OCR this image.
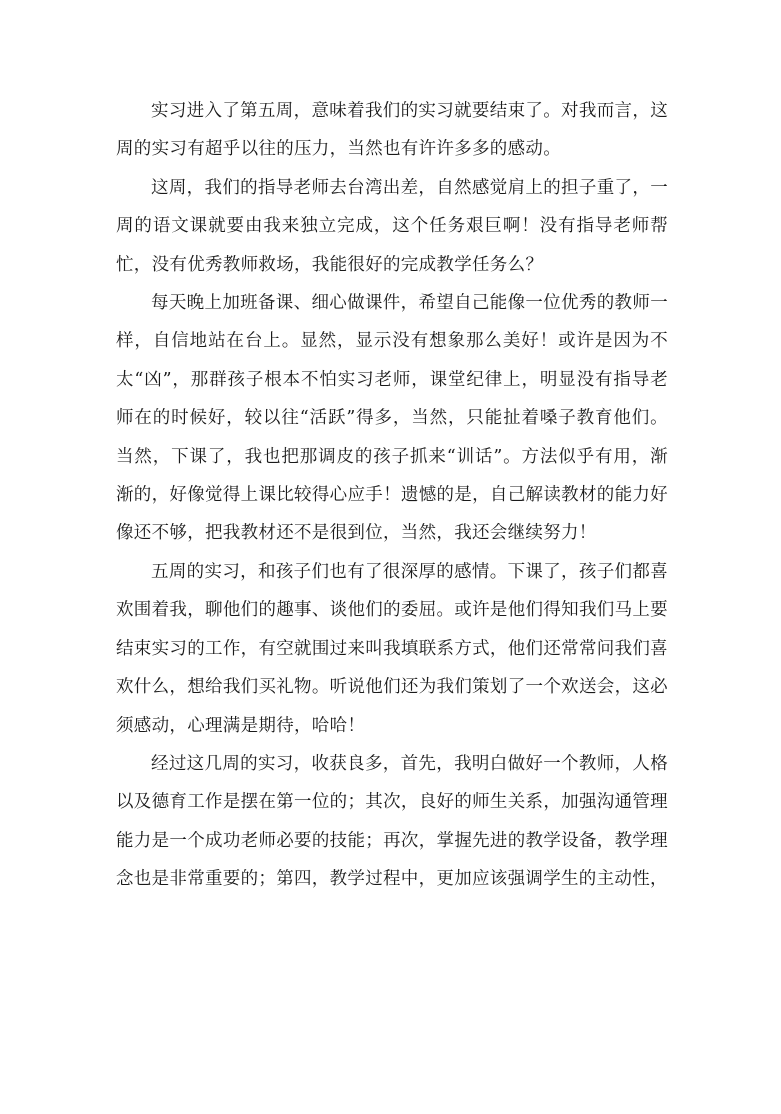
实习进入了第五周，意味着我们的实习就要结束了。对我而言，这周的实习有超乎以往的压力，当然也有许许多多的感动。

这周，我们的指导老师去台湾出差，自然感觉肩上的担子重了，一周的语文课就要由我来独立完成，这个任务艰巨啊！没有指导老师帮忙，没有优秀教师救场，我能很好的完成教学任务么？

每天晚上加班备课、细心做课件，希望自己能像一位优秀的教师一样，自信地站在台上。显然，显示没有想象那么美好！或许是因为不太“凶”，那群孩子根本不怕实习老师，课堂纪律上，明显没有指导老师在的时候好，较以往“活跃”得多，当然，只能扯着嗓子教育他们。当然，下课了，我也把那调皮的孩子抓来“训话”。方法似乎有用，渐渐的，好像觉得上课比较得心应手！遗憾的是，自己解读教材的能力好像还不够，把我教材还不是很到位，当然，我还会继续努力！

五周的实习，和孩子们也有了很深厚的感情。下课了，孩子们都喜欢围着我，聊他们的趣事、谈他们的委屈。或许是他们得知我们马上要结束实习的工作，有空就围过来叫我填联系方式，他们还常常问我们喜欢什么，想给我们买礼物。听说他们还为我们策划了一个欢送会，这必须感动，心理满是期待，哈哈！

经过这几周的实习，收获良多，首先，我明白做好一个教师，人格以及德育工作是摆在第一位的；其次，良好的师生关系，加强沟通管理能力是一个成功老师必要的技能；再次，掌握先进的教学设备，教学理念也是非常重要的；第四，教学过程中，更加应该强调学生的主动性，
